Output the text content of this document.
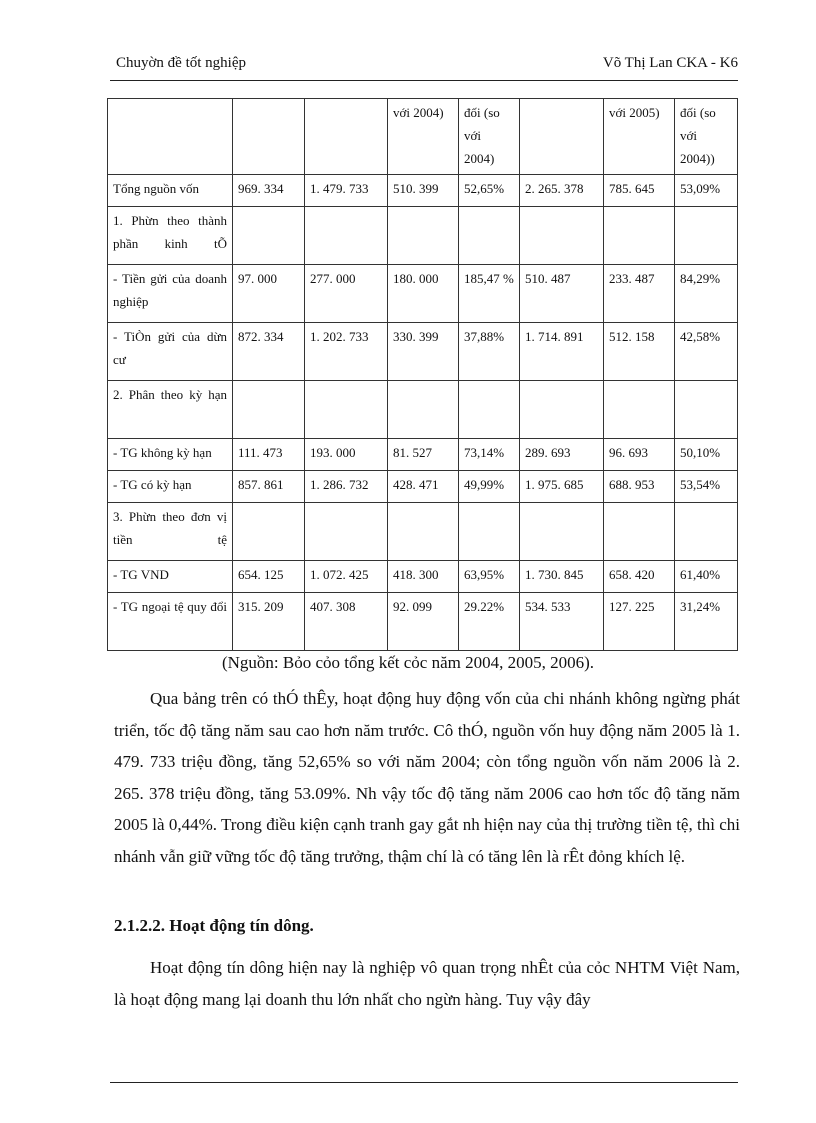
Chuyờn đề tốt nghiệp	Võ Thị Lan CKA - K6
			với 2004)	đối (so với 2004)		với 2005)	đối (so với 2004))
Tổng nguồn vốn	969. 334	1. 479. 733	510. 399	52,65%	2. 265. 378	785. 645	53,09%
1. Phừn theo thành phần kinh tÕ							
- Tiền gửi của doanh nghiệp	97. 000	277. 000	180. 000	185,47 %	510. 487	233. 487	84,29%
- TiÒn gửi của dừn cư	872. 334	1. 202. 733	330. 399	37,88%	1. 714. 891	512. 158	42,58%
2. Phân theo kỳ hạn							
- TG không kỳ hạn	111. 473	193. 000	81. 527	73,14%	289. 693	96. 693	50,10%
- TG có kỳ hạn	857. 861	1. 286. 732	428. 471	49,99%	1. 975. 685	688. 953	53,54%
3. Phừn theo đơn vị tiền tệ							
- TG VND	654. 125	1. 072. 425	418. 300	63,95%	1. 730. 845	658. 420	61,40%
- TG ngoại tệ quy đổi	315. 209	407. 308	92. 099	29.22%	534. 533	127. 225	31,24%
(Nguồn: Bỏo cỏo tổng kết cỏc năm 2004, 2005, 2006).

Qua bảng trên có thÓ thÊy, hoạt động huy động vốn của chi nhánh không ngừng phát triển, tốc độ tăng năm sau cao hơn năm trước. Cô thÓ, nguồn vốn huy động năm 2005 là 1. 479. 733 triệu đồng, tăng 52,65% so với năm 2004; còn tổng nguồn vốn năm 2006 là 2. 265. 378 triệu đồng, tăng 53.09%. Nh vậy tốc độ tăng năm 2006 cao hơn tốc độ tăng năm 2005 là 0,44%. Trong điều kiện cạnh tranh gay gắt nh hiện nay của thị trường tiền tệ, thì chi nhánh vẫn giữ vững tốc độ tăng trưởng, thậm chí là có tăng lên là rÊt đỏng khích lệ.

2.1.2.2. Hoạt động tín dông.

Hoạt động tín dông hiện nay là nghiệp vô quan trọng nhÊt của cỏc NHTM Việt Nam, là hoạt động mang lại doanh thu lớn nhất cho ngừn hàng. Tuy vậy đây
